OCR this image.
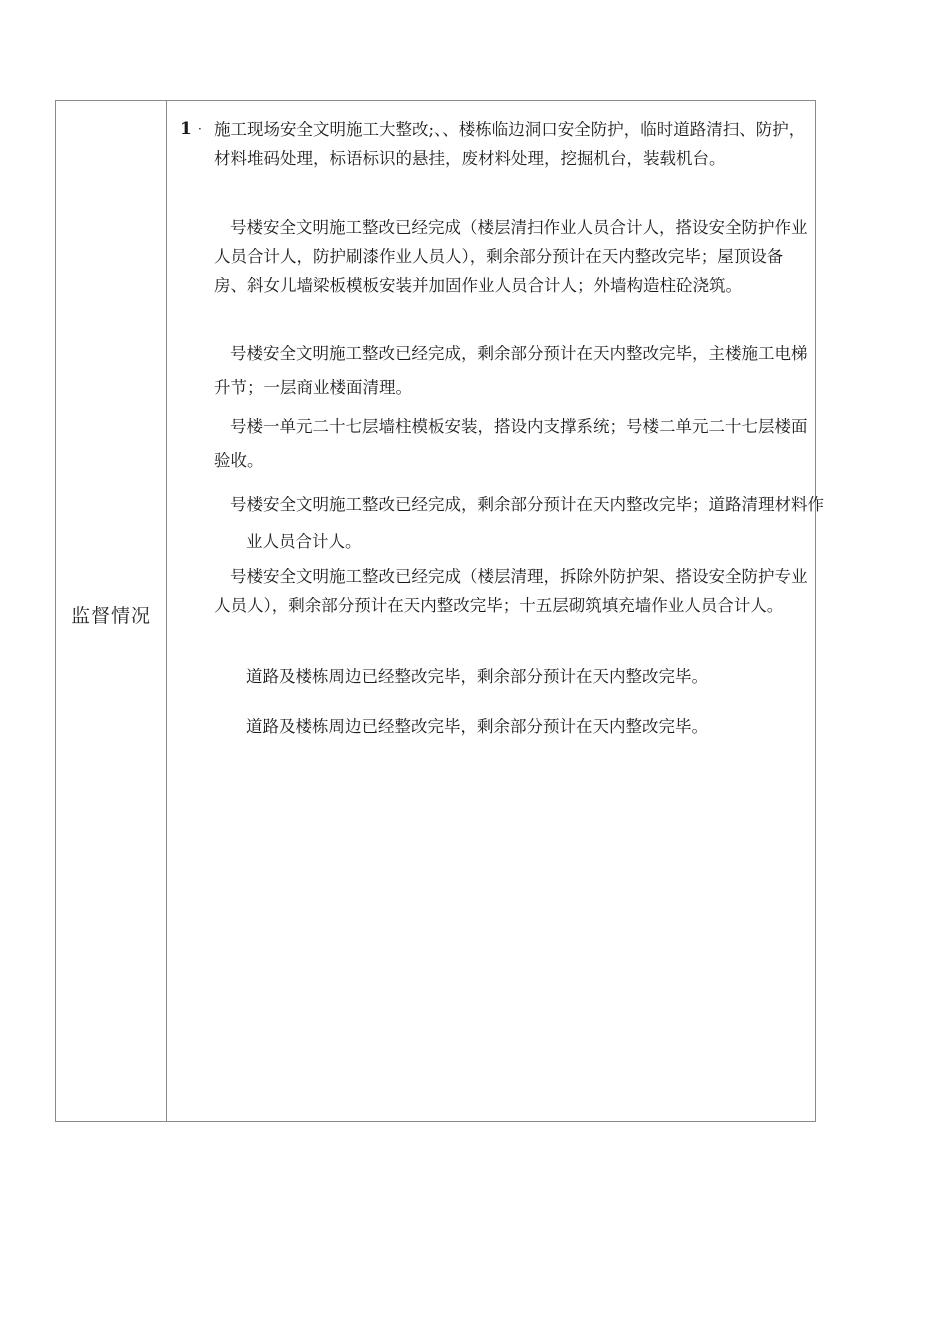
监督情况
1 · 施工现场安全文明施工大整改;、、楼栋临边洞口安全防护，临时道路清扫、防护，材料堆码处理，标语标识的悬挂，废材料处理，挖掘机台，装载机台。
号楼安全文明施工整改已经完成（楼层清扫作业人员合计人，搭设安全防护作业人员合计人，防护刷漆作业人员人），剩余部分预计在天内整改完毕；屋顶设备房、斜女儿墙梁板模板安装并加固作业人员合计人；外墙构造柱砼浇筑。
号楼安全文明施工整改已经完成，剩余部分预计在天内整改完毕，主楼施工电梯升节；一层商业楼面清理。
号楼一单元二十七层墙柱模板安装，搭设内支撑系统；号楼二单元二十七层楼面验收。
号楼安全文明施工整改已经完成，剩余部分预计在天内整改完毕；道路清理材料作业人员合计人。
号楼安全文明施工整改已经完成（楼层清理，拆除外防护架、搭设安全防护专业人员人），剩余部分预计在天内整改完毕；十五层砌筑填充墙作业人员合计人。
道路及楼栋周边已经整改完毕，剩余部分预计在天内整改完毕。
道路及楼栋周边已经整改完毕，剩余部分预计在天内整改完毕。
